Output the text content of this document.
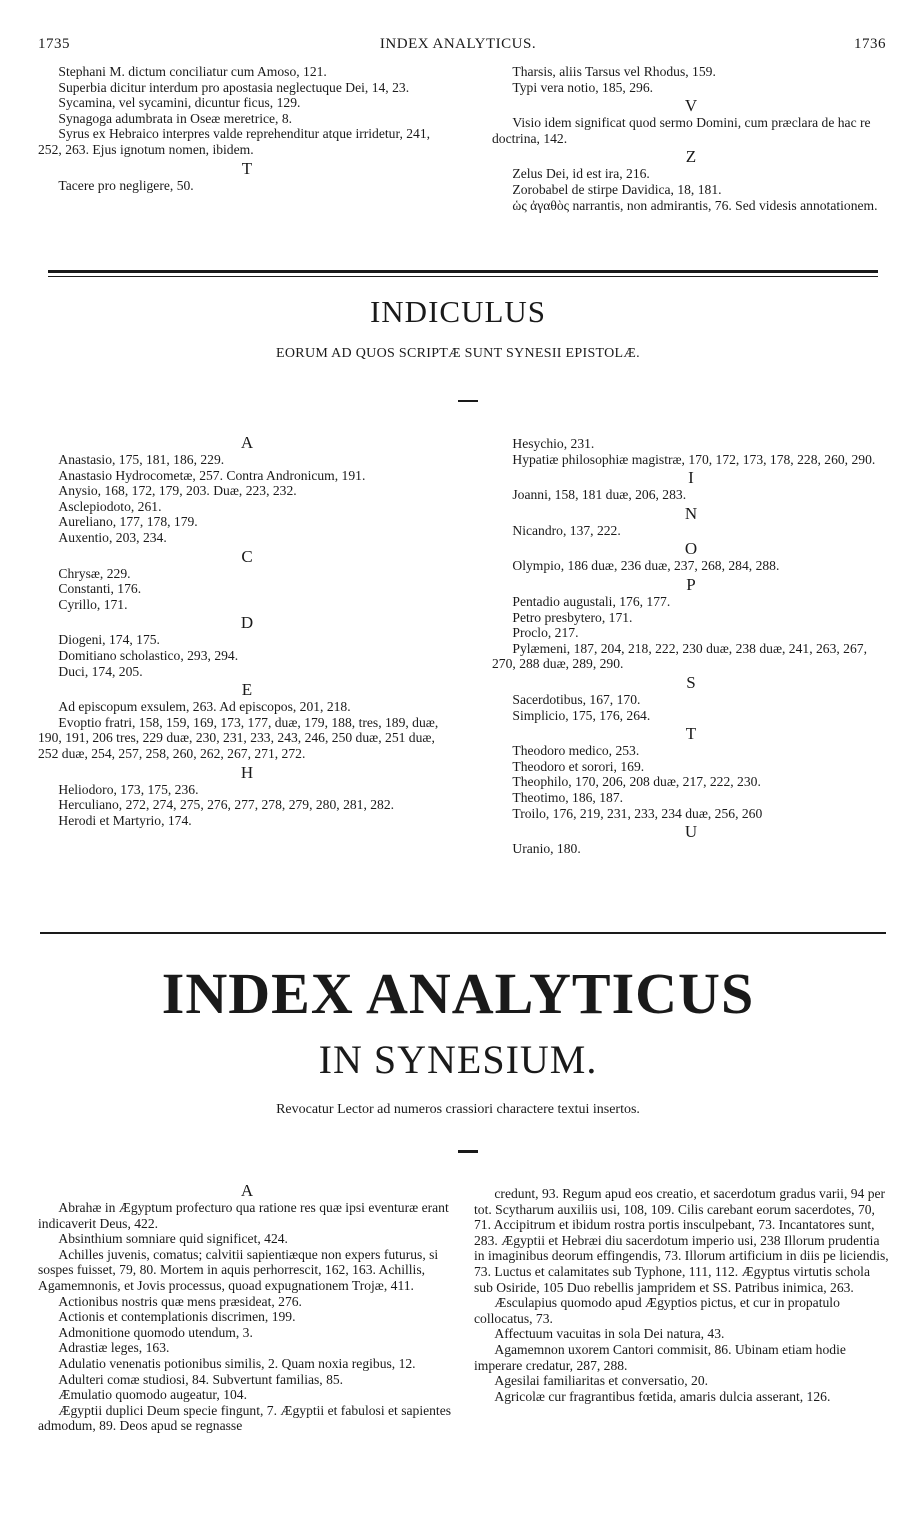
1735	INDEX ANALYTICUS.	1736

Stephani M. dictum conciliatur cum Amoso, 121.

Superbia dicitur interdum pro apostasia neglectuque Dei, 14, 23.

Sycamina, vel sycamini, dicuntur ficus, 129.

Synagoga adumbrata in Oseæ meretrice, 8.

Syrus ex Hebraico interpres valde reprehenditur atque irridetur, 241, 252, 263. Ejus ignotum nomen, ibidem.

T

Tacere pro negligere, 50.

Tharsis, aliis Tarsus vel Rhodus, 159.

Typi vera notio, 185, 296.

V

Visio idem significat quod sermo Domini, cum præclara de hac re doctrina, 142.

Z

Zelus Dei, id est ira, 216.

Zorobabel de stirpe Davidica, 18, 181.

ὡς ἀγαθὸς narrantis, non admirantis, 76. Sed videsis annotationem.

INDICULUS
EORUM AD QUOS SCRIPTÆ SUNT SYNESII EPISTOLÆ.
A

Anastasio, 175, 181, 186, 229.

Anastasio Hydrocometæ, 257. Contra Andronicum, 191.

Anysio, 168, 172, 179, 203. Duæ, 223, 232.

Asclepiodoto, 261.

Aureliano, 177, 178, 179.

Auxentio, 203, 234.

C

Chrysæ, 229.

Constanti, 176.

Cyrillo, 171.

D

Diogeni, 174, 175.

Domitiano scholastico, 293, 294.

Duci, 174, 205.

E

Ad episcopum exsulem, 263. Ad episcopos, 201, 218.

Evoptio fratri, 158, 159, 169, 173, 177, duæ, 179, 188, tres, 189, duæ, 190, 191, 206 tres, 229 duæ, 230, 231, 233, 243, 246, 250 duæ, 251 duæ, 252 duæ, 254, 257, 258, 260, 262, 267, 271, 272.

H

Heliodoro, 173, 175, 236.

Herculiano, 272, 274, 275, 276, 277, 278, 279, 280, 281, 282.

Herodi et Martyrio, 174.

Hesychio, 231.

Hypatiæ philosophiæ magistræ, 170, 172, 173, 178, 228, 260, 290.

I

Joanni, 158, 181 duæ, 206, 283.

N

Nicandro, 137, 222.

O

Olympio, 186 duæ, 236 duæ, 237, 268, 284, 288.

P

Pentadio augustali, 176, 177.

Petro presbytero, 171.

Proclo, 217.

Pylæmeni, 187, 204, 218, 222, 230 duæ, 238 duæ, 241, 263, 267, 270, 288 duæ, 289, 290.

S

Sacerdotibus, 167, 170.

Simplicio, 175, 176, 264.

T

Theodoro medico, 253.

Theodoro et sorori, 169.

Theophilo, 170, 206, 208 duæ, 217, 222, 230.

Theotimo, 186, 187.

Troilo, 176, 219, 231, 233, 234 duæ, 256, 260

U

Uranio, 180.

INDEX ANALYTICUS
IN SYNESIUM.
Revocatur Lector ad numeros crassiori charactere textui insertos.
A

Abrahæ in Ægyptum profecturo qua ratione res quæ ipsi eventuræ erant indicaverit Deus, 422.

Absinthium somniare quid significet, 424.

Achilles juvenis, comatus; calvitii sapientiæque non expers futurus, si sospes fuisset, 79, 80. Mortem in aquis perhorrescit, 162, 163. Achillis, Agamemnonis, et Jovis processus, quoad expugnationem Trojæ, 411.

Actionibus nostris quæ mens præsideat, 276.

Actionis et contemplationis discrimen, 199.

Admonitione quomodo utendum, 3.

Adrastiæ leges, 163.

Adulatio venenatis potionibus similis, 2. Quam noxia regibus, 12.

Adulteri comæ studiosi, 84. Subvertunt familias, 85.

Æmulatio quomodo augeatur, 104.

Ægyptii duplici Deum specie fingunt, 7. Ægyptii et fabulosi et sapientes admodum, 89. Deos apud se regnasse

credunt, 93. Regum apud eos creatio, et sacerdotum gradus varii, 94 per tot. Scytharum auxiliis usi, 108, 109. Cilis carebant eorum sacerdotes, 70, 71. Accipitrum et ibidum rostra portis insculpebant, 73. Incantatores sunt, 283. Ægyptii et Hebræi diu sacerdotum imperio usi, 238 Illorum prudentia in imaginibus deorum effingendis, 73. Illorum artificium in diis pe liciendis, 73. Luctus et calamitates sub Typhone, 111, 112. Ægyptus virtutis schola sub Osiride, 105 Duo rebellis jampridem et SS. Patribus inimica, 263.

Æsculapius quomodo apud Ægyptios pictus, et cur in propatulo collocatus, 73.

Affectuum vacuitas in sola Dei natura, 43.

Agamemnon uxorem Cantori commisit, 86. Ubinam etiam hodie imperare credatur, 287, 288.

Agesilai familiaritas et conversatio, 20.

Agricolæ cur fragrantibus fœtida, amaris dulcia asserant, 126.
